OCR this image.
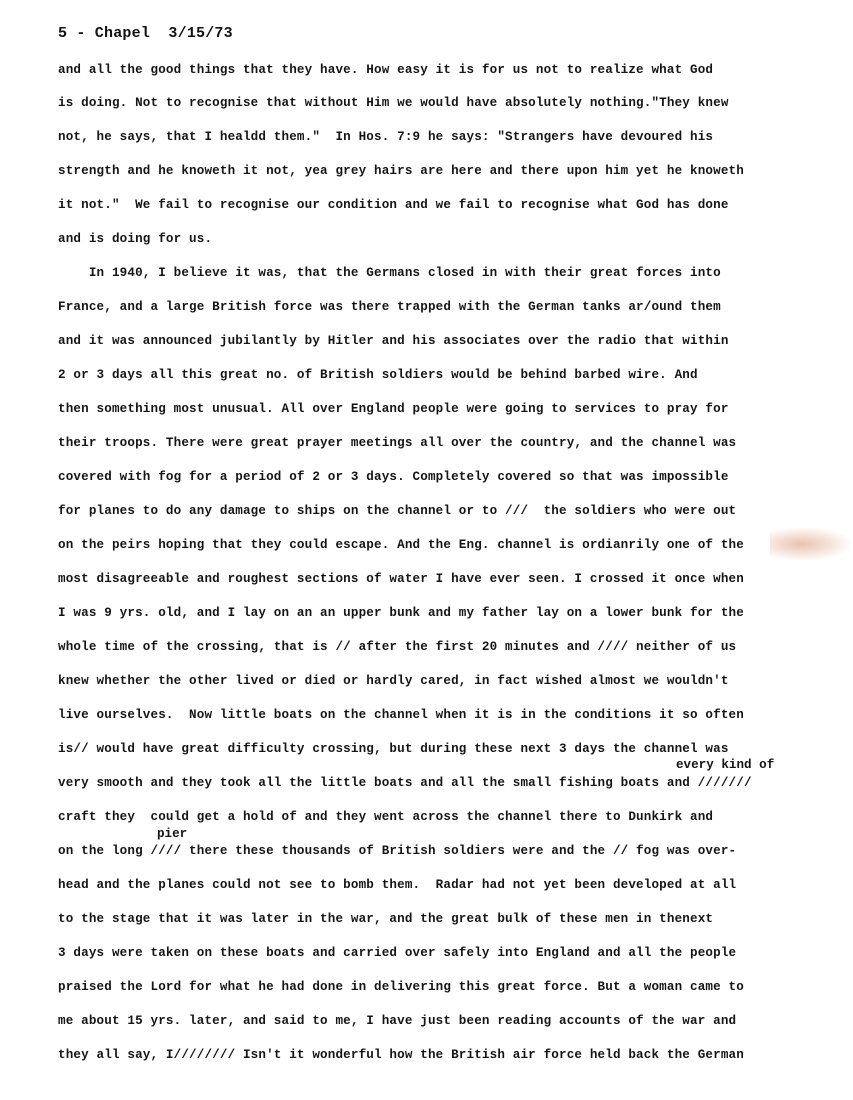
5 - Chapel  3/15/73
every kind of
pier
and all the good things that they have. How easy it is for us not to realize what God
is doing. Not to recognise that without Him we would have absolutely nothing."They knew
not, he says, that I healdd them."  In Hos. 7:9 he says: "Strangers have devoured his
strength and he knoweth it not, yea grey hairs are here and there upon him yet he knoweth
it not."  We fail to recognise our condition and we fail to recognise what God has done
and is doing for us.
In 1940, I believe it was, that the Germans closed in with their great forces into
France, and a large British force was there trapped with the German tanks ar/ound them
and it was announced jubilantly by Hitler and his associates over the radio that within
2 or 3 days all this great no. of British soldiers would be behind barbed wire. And
then something most unusual. All over England people were going to services to pray for
their troops. There were great prayer meetings all over the country, and the channel was
covered with fog for a period of 2 or 3 days. Completely covered so that was impossible
for planes to do any damage to ships on the channel or to ///  the soldiers who were out
on the peirs hoping that they could escape. And the Eng. channel is ordianrily one of the
most disagreeable and roughest sections of water I have ever seen. I crossed it once when
I was 9 yrs. old, and I lay on an an upper bunk and my father lay on a lower bunk for the
whole time of the crossing, that is // after the first 20 minutes and //// neither of us
knew whether the other lived or died or hardly cared, in fact wished almost we wouldn't
live ourselves.  Now little boats on the channel when it is in the conditions it so often
is// would have great difficulty crossing, but during these next 3 days the channel was
very smooth and they took all the little boats and all the small fishing boats and ///////
craft they  could get a hold of and they went across the channel there to Dunkirk and
on the long //// there these thousands of British soldiers were and the // fog was over-
head and the planes could not see to bomb them.  Radar had not yet been developed at all
to the stage that it was later in the war, and the great bulk of these men in thenext
3 days were taken on these boats and carried over safely into England and all the people
praised the Lord for what he had done in delivering this great force. But a woman came to
me about 15 yrs. later, and said to me, I have just been reading accounts of the war and
they all say, I//////// Isn't it wonderful how the British air force held back the German
